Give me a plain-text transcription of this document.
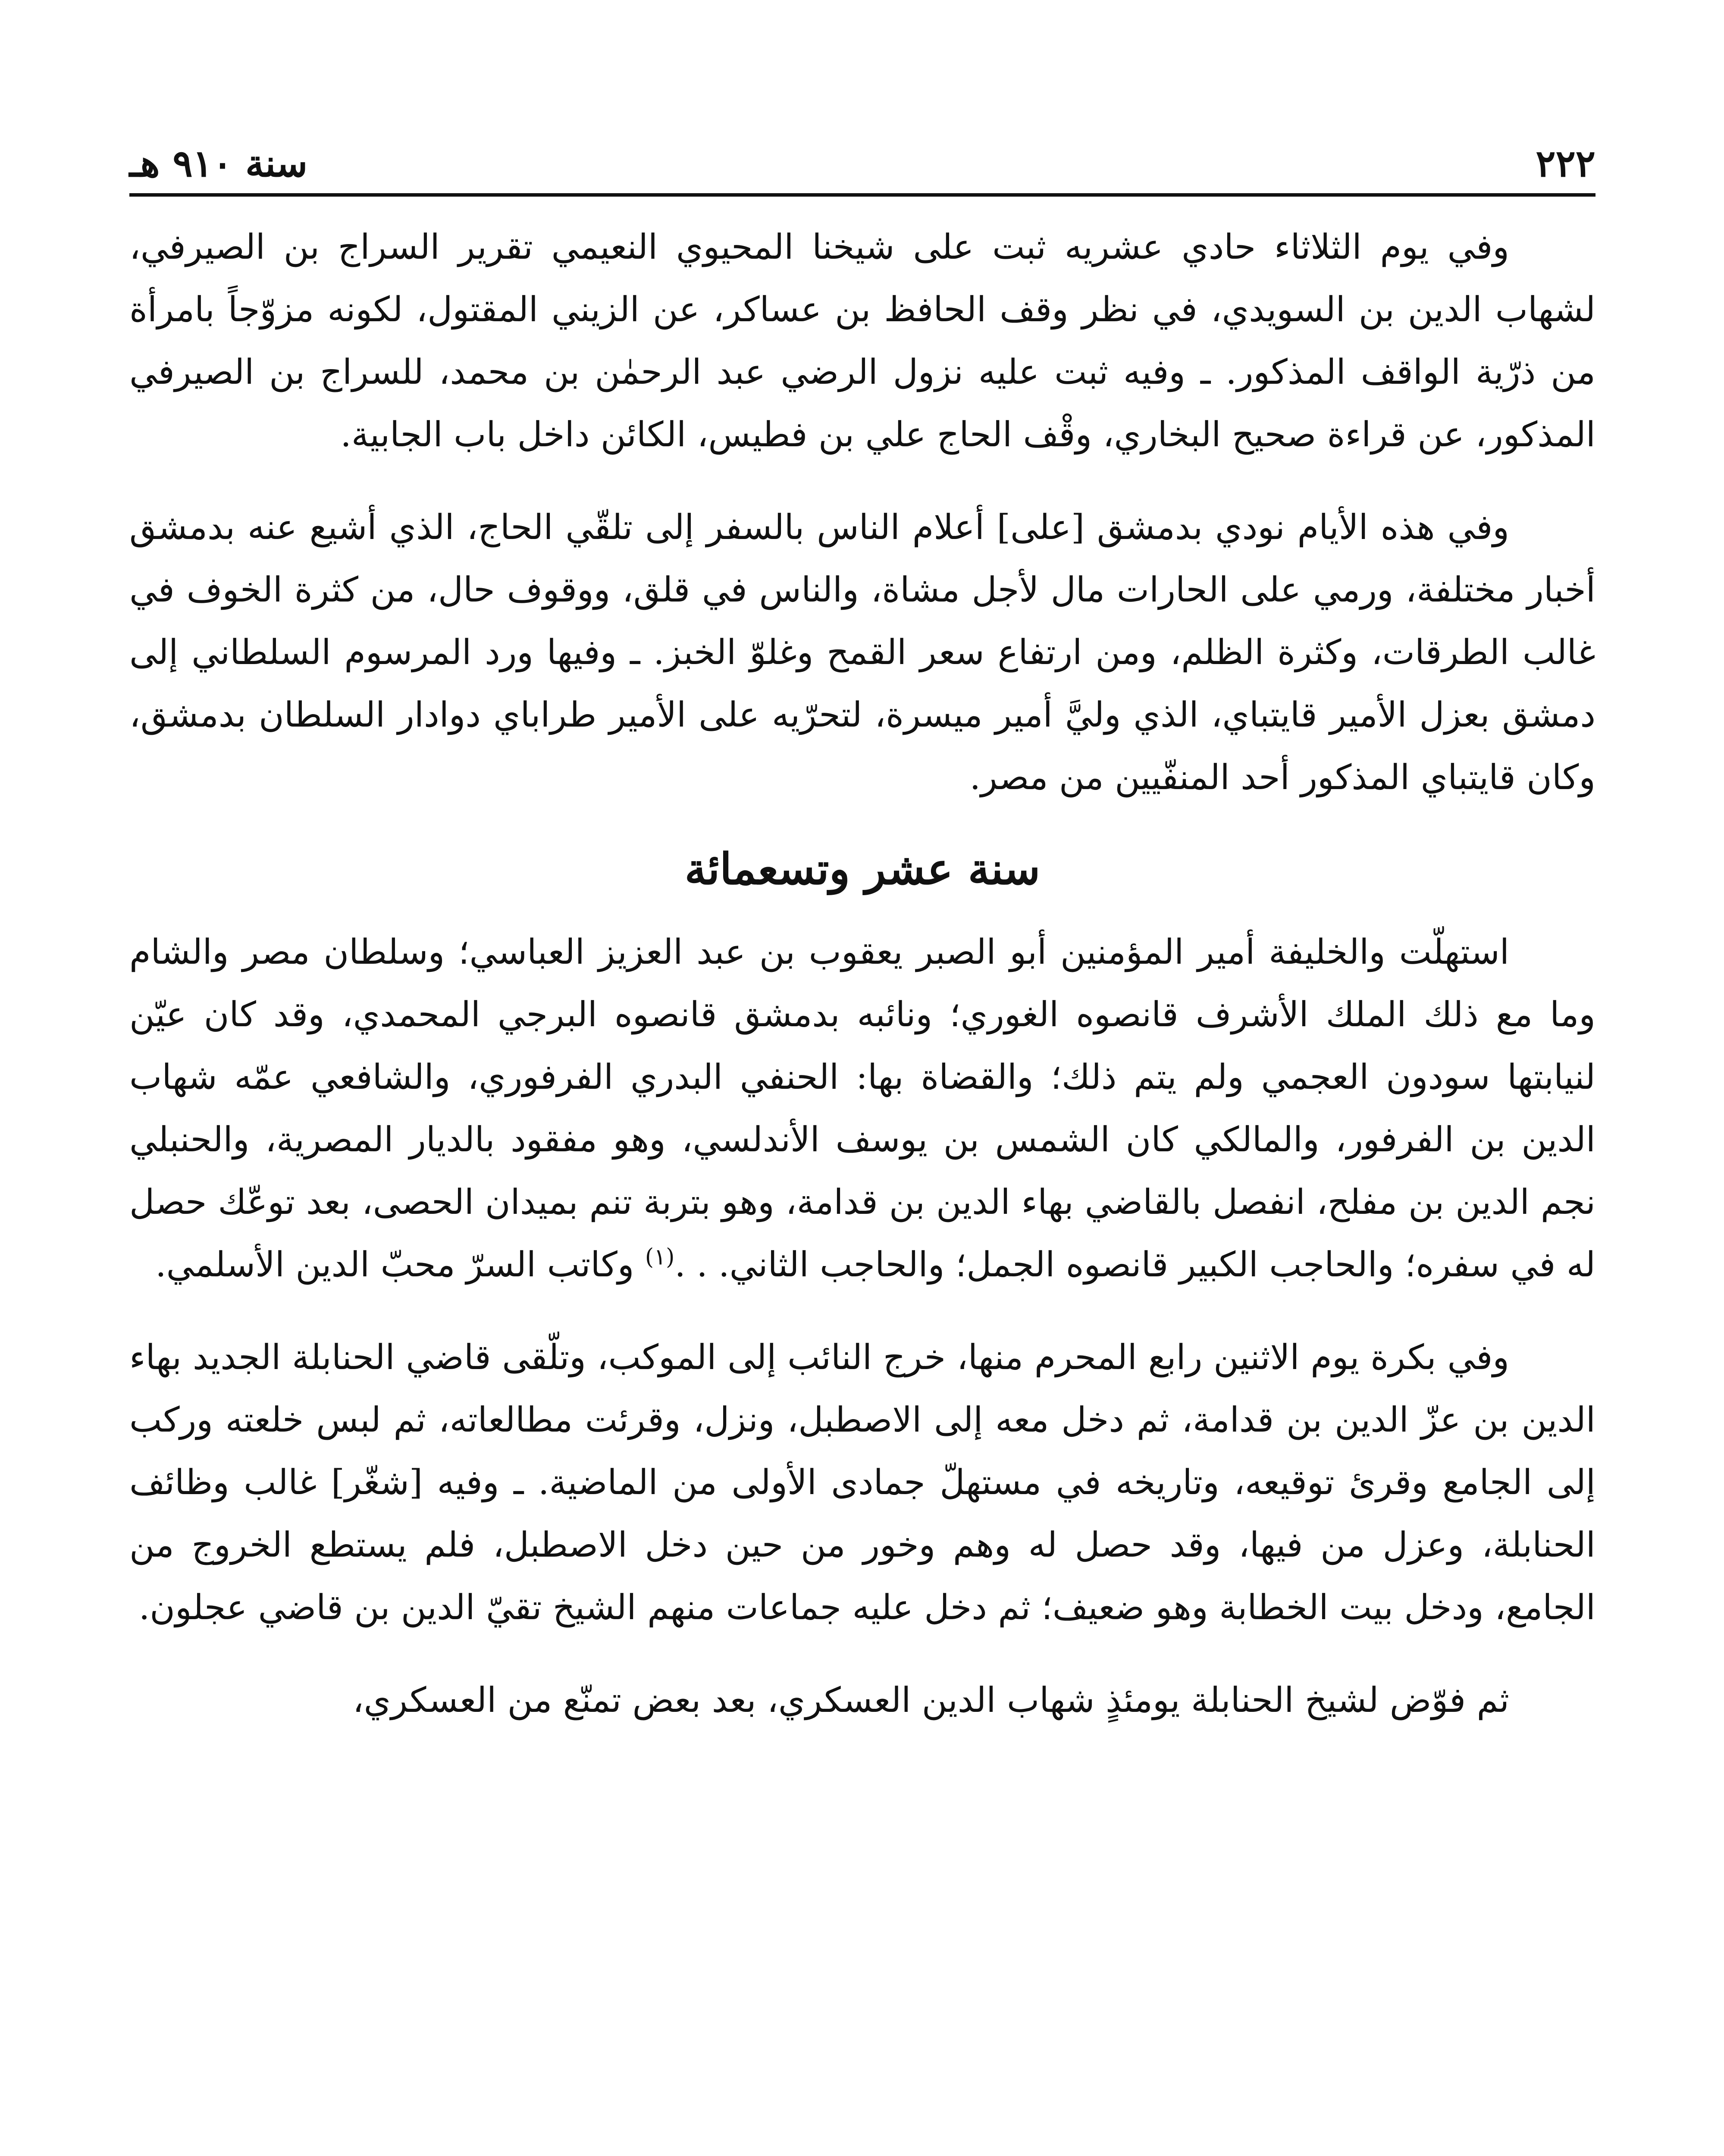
٢٢٢
سنة ٩١٠ هـ

وفي يوم الثلاثاء حادي عشريه ثبت على شيخنا المحيوي النعيمي تقرير السراج بن الصيرفي، لشهاب الدين بن السويدي، في نظر وقف الحافظ بن عساكر، عن الزيني المقتول، لكونه مزوّجاً بامرأة من ذرّية الواقف المذكور. ـ وفيه ثبت عليه نزول الرضي عبد الرحمٰن بن محمد، للسراج بن الصيرفي المذكور، عن قراءة صحيح البخاري، وقْف الحاج علي بن فطيس، الكائن داخل باب الجابية.

وفي هذه الأيام نودي بدمشق [على] أعلام الناس بالسفر إلى تلقّي الحاج، الذي أشيع عنه بدمشق أخبار مختلفة، ورمي على الحارات مال لأجل مشاة، والناس في قلق، ووقوف حال، من كثرة الخوف في غالب الطرقات، وكثرة الظلم، ومن ارتفاع سعر القمح وغلوّ الخبز. ـ وفيها ورد المرسوم السلطاني إلى دمشق بعزل الأمير قايتباي، الذي وليَّ أمير ميسرة، لتحرّيه على الأمير طراباي دوادار السلطان بدمشق، وكان قايتباي المذكور أحد المنفّيين من مصر.

سنة عشر وتسعمائة

استهلّت والخليفة أمير المؤمنين أبو الصبر يعقوب بن عبد العزيز العباسي؛ وسلطان مصر والشام وما مع ذلك الملك الأشرف قانصوه الغوري؛ ونائبه بدمشق قانصوه البرجي المحمدي، وقد كان عيّن لنيابتها سودون العجمي ولم يتم ذلك؛ والقضاة بها: الحنفي البدري الفرفوري، والشافعي عمّه شهاب الدين بن الفرفور، والمالكي كان الشمس بن يوسف الأندلسي، وهو مفقود بالديار المصرية، والحنبلي نجم الدين بن مفلح، انفصل بالقاضي بهاء الدين بن قدامة، وهو بتربة تنم بميدان الحصى، بعد توعّك حصل له في سفره؛ والحاجب الكبير قانصوه الجمل؛ والحاجب الثاني. . .$^{(١)}$ وكاتب السرّ محبّ الدين الأسلمي.

وفي بكرة يوم الاثنين رابع المحرم منها، خرج النائب إلى الموكب، وتلّقى قاضي الحنابلة الجديد بهاء الدين بن عزّ الدين بن قدامة، ثم دخل معه إلى الاصطبل، ونزل، وقرئت مطالعاته، ثم لبس خلعته وركب إلى الجامع وقرئ توقيعه، وتاريخه في مستهلّ جمادى الأولى من الماضية. ـ وفيه [شغّر] غالب وظائف الحنابلة، وعزل من فيها، وقد حصل له وهم وخور من حين دخل الاصطبل، فلم يستطع الخروج من الجامع، ودخل بيت الخطابة وهو ضعيف؛ ثم دخل عليه جماعات منهم الشيخ تقيّ الدين بن قاضي عجلون.

ثم فوّض لشيخ الحنابلة يومئذٍ شهاب الدين العسكري، بعد بعض تمنّع من العسكري،
